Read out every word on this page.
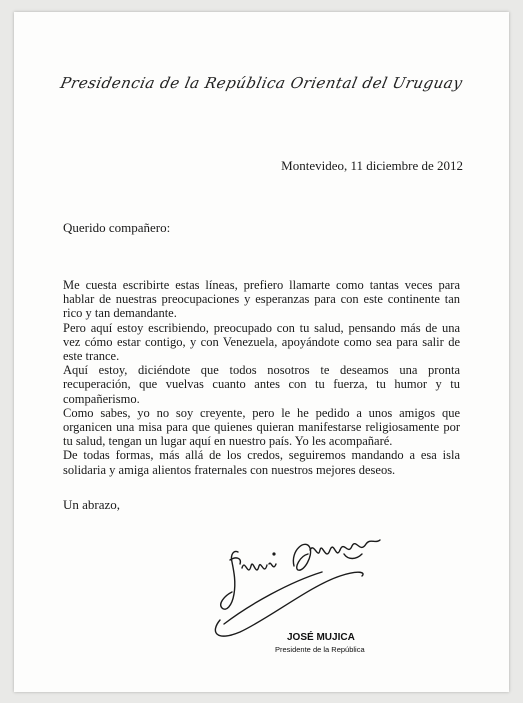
Presidencia de la República Oriental del Uruguay
Montevideo, 11 diciembre de 2012
Querido compañero:

Me cuesta escribirte estas líneas, prefiero llamarte como tantas veces para hablar de nuestras preocupaciones y esperanzas para con este continente tan rico y tan demandante.

Pero aquí estoy escribiendo, preocupado con tu salud, pensando más de una vez cómo estar contigo, y con Venezuela, apoyándote como sea para salir de este trance.

Aquí estoy, diciéndote que todos nosotros te deseamos una pronta recuperación, que vuelvas cuanto antes con tu fuerza, tu humor y tu compañerismo.

Como sabes, yo no soy creyente, pero le he pedido a unos amigos que organicen una misa para que quienes quieran manifestarse religiosamente por tu salud, tengan un lugar aquí en nuestro país. Yo les acompañaré.

De todas formas, más allá de los credos, seguiremos mandando a esa isla solidaria y amiga alientos fraternales con nuestros mejores deseos.

Un abrazo,
JOSÉ MUJICA
Presidente de la República
